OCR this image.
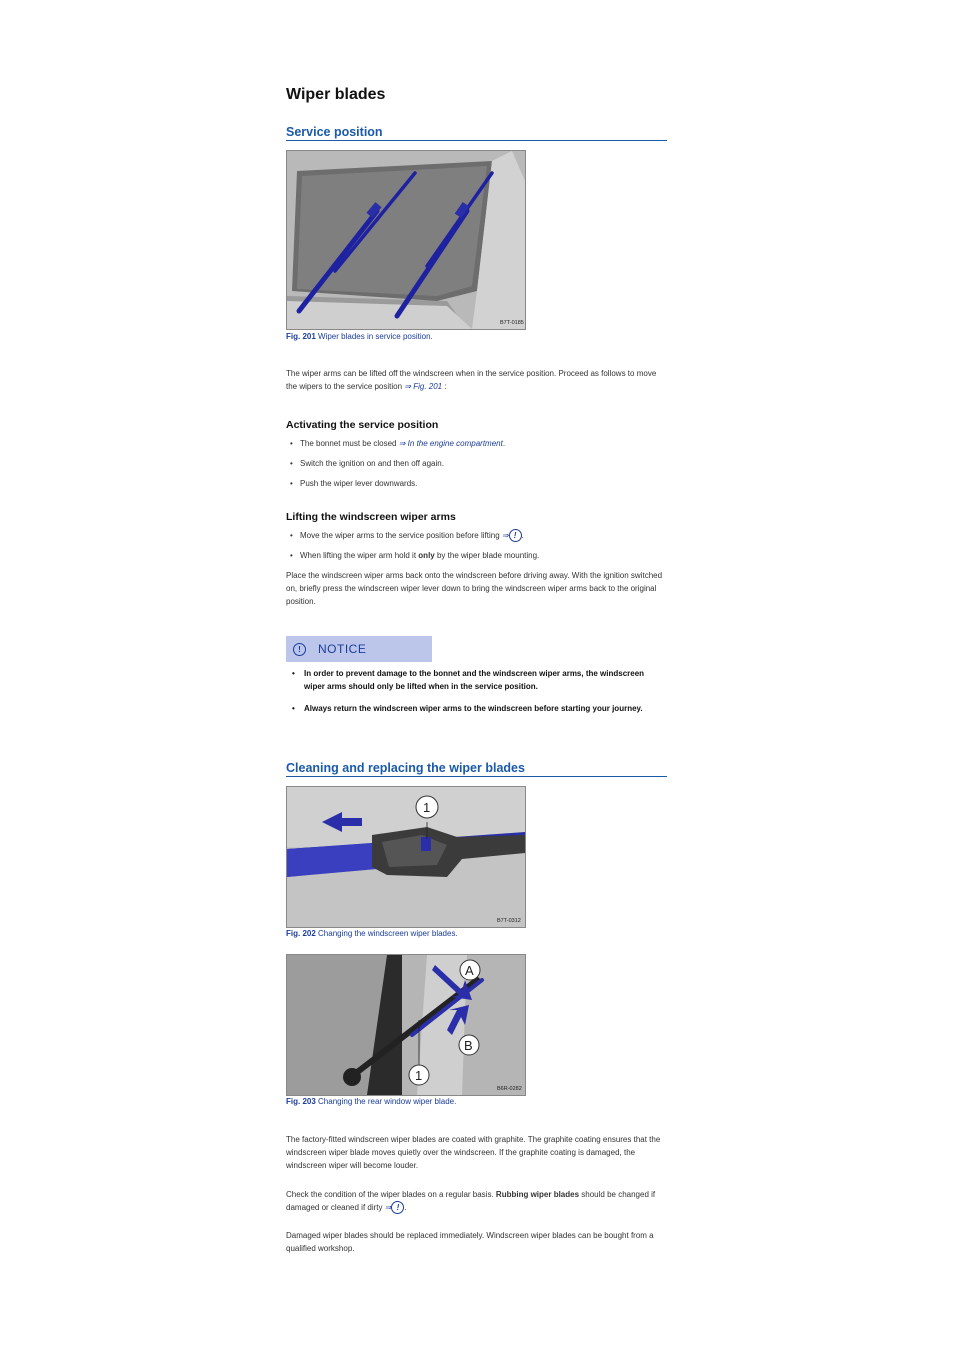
Wiper blades
Service position
B7T-0185
Fig. 201 Wiper blades in service position.
The wiper arms can be lifted off the windscreen when in the service position. Proceed as follows to move the wipers to the service position ⇒ Fig. 201 :
Activating the service position
• The bonnet must be closed ⇒ In the engine compartment.
• Switch the ignition on and then off again.
• Push the wiper lever downwards.
Lifting the windscreen wiper arms
• Move the wiper arms to the service position before lifting ⇒ ! .
• When lifting the wiper arm hold it only by the wiper blade mounting.
Place the windscreen wiper arms back onto the windscreen before driving away. With the ignition switched on, briefly press the windscreen wiper lever down to bring the windscreen wiper arms back to the original position.
!	NOTICE
• In order to prevent damage to the bonnet and the windscreen wiper arms, the windscreen wiper arms should only be lifted when in the service position.
• Always return the windscreen wiper arms to the windscreen before starting your journey.
Cleaning and replacing the wiper blades
1
B7T-0312
Fig. 202 Changing the windscreen wiper blades.
A
B
1
B6R-0282
Fig. 203 Changing the rear window wiper blade.
The factory-fitted windscreen wiper blades are coated with graphite. The graphite coating ensures that the windscreen wiper blade moves quietly over the windscreen. If the graphite coating is damaged, the windscreen wiper will become louder.
Check the condition of the wiper blades on a regular basis. Rubbing wiper blades should be changed if damaged or cleaned if dirty ⇒ ! .
Damaged wiper blades should be replaced immediately. Windscreen wiper blades can be bought from a qualified workshop.
